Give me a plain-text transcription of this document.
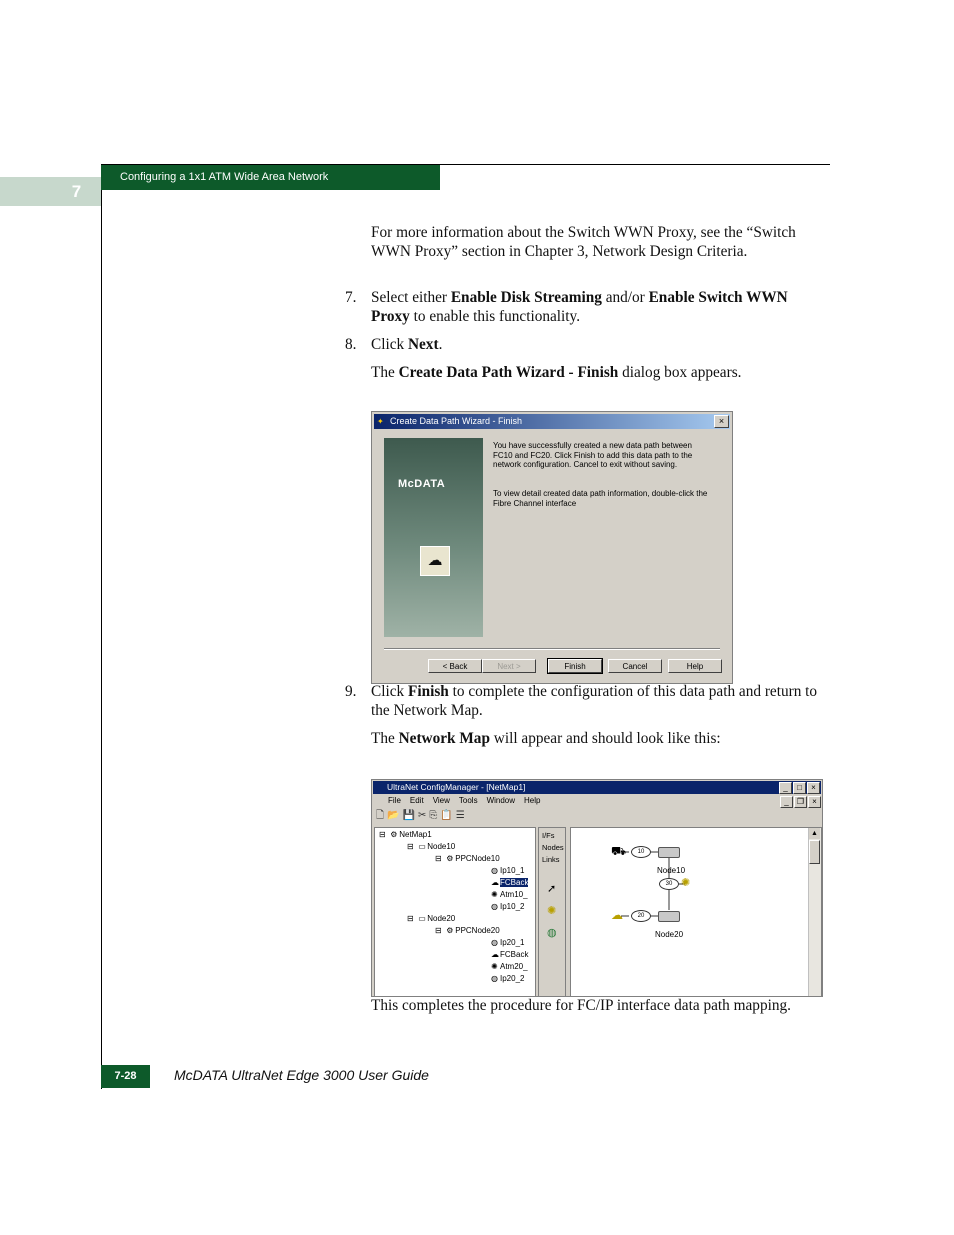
Configuring a 1x1 ATM Wide Area Network
7
For more information about the Switch WWN Proxy, see the “Switch WWN Proxy” section in Chapter 3, Network Design Criteria.
7. Select either Enable Disk Streaming and/or Enable Switch WWN Proxy to enable this functionality.
8. Click Next.
The Create Data Path Wizard - Finish dialog box appears.
✦ Create Data Path Wizard - Finish	×
McDATA
☁
You have successfully created a new data path between FC10 and FC20. Click Finish to add this data path to the network configuration. Cancel to exit without saving.
To view detail created data path information, double-click the Fibre Channel interface
< Back	Next >	Finish	Cancel	Help
9. Click Finish to complete the configuration of this data path and return to the Network Map.
The Network Map will appear and should look like this:
UltraNet ConfigManager - [NetMap1]	_	□	×
File Edit View Tools Window Help	_	❐	×
🗋 📂 💾 ✂ ⎘ 📋 ☰
⊟ ⚙ NetMap1
⊟ ▭Node10
⊟ ⚙ PPCNode10
◍ Ip10_1
☁FCBack
✺ Atm10_
◍ Ip10_2
⊟ ▭Node20
⊟ ⚙ PPCNode20
◍ Ip20_1
☁FCBack
✺ Atm20_
◍ Ip20_2
I/Fs
Nodes
Links
➚
✺
◍
⛟	10
Node10
30 ✺
☁	20
Node20
▲
This completes the procedure for FC/IP interface data path mapping.
7-28	McDATA UltraNet Edge 3000 User Guide
